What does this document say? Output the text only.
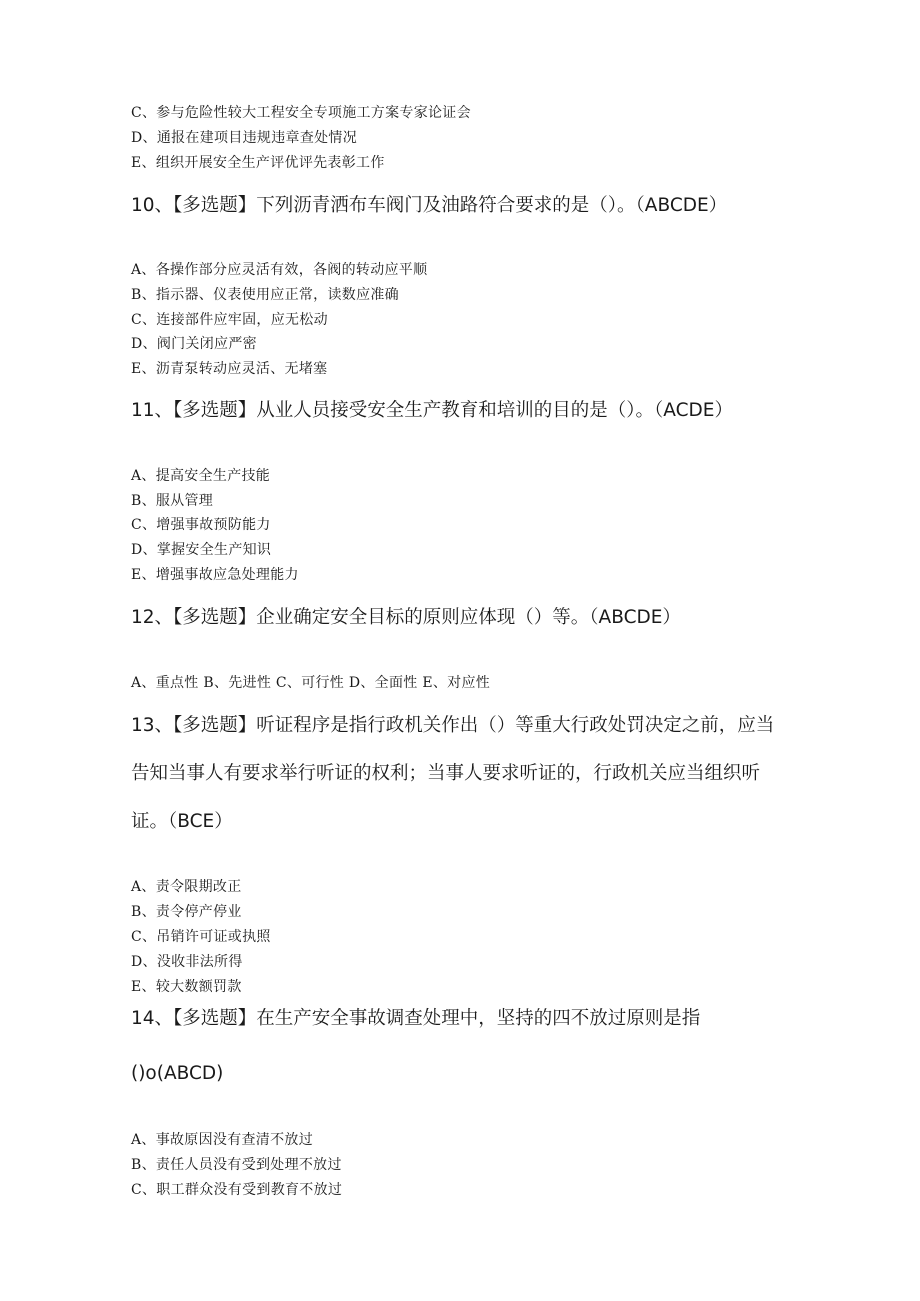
C、参与危险性较大工程安全专项施工方案专家论证会
D、通报在建项目违规违章查处情况
E、组织开展安全生产评优评先表彰工作
10、【多选题】下列沥青洒布车阀门及油路符合要求的是（）。（ABCDE）
A、各操作部分应灵活有效，各阀的转动应平顺
B、指示器、仪表使用应正常，读数应准确
C、连接部件应牢固，应无松动
D、阀门关闭应严密
E、沥青泵转动应灵活、无堵塞
11、【多选题】从业人员接受安全生产教育和培训的目的是（）。（ACDE）
A、提高安全生产技能
B、服从管理
C、增强事故预防能力
D、掌握安全生产知识
E、增强事故应急处理能力
12、【多选题】企业确定安全目标的原则应体现（）等。（ABCDE）
A、重点性 B、先进性 C、可行性 D、全面性 E、对应性
13、【多选题】听证程序是指行政机关作出（）等重大行政处罚决定之前，应当
告知当事人有要求举行听证的权利；当事人要求听证的，行政机关应当组织听
证。（BCE）
A、责令限期改正
B、责令停产停业
C、吊销许可证或执照
D、没收非法所得
E、较大数额罚款
14、【多选题】在生产安全事故调查处理中，坚持的四不放过原则是指
()o(ABCD)
A、事故原因没有查清不放过
B、责任人员没有受到处理不放过
C、职工群众没有受到教育不放过
